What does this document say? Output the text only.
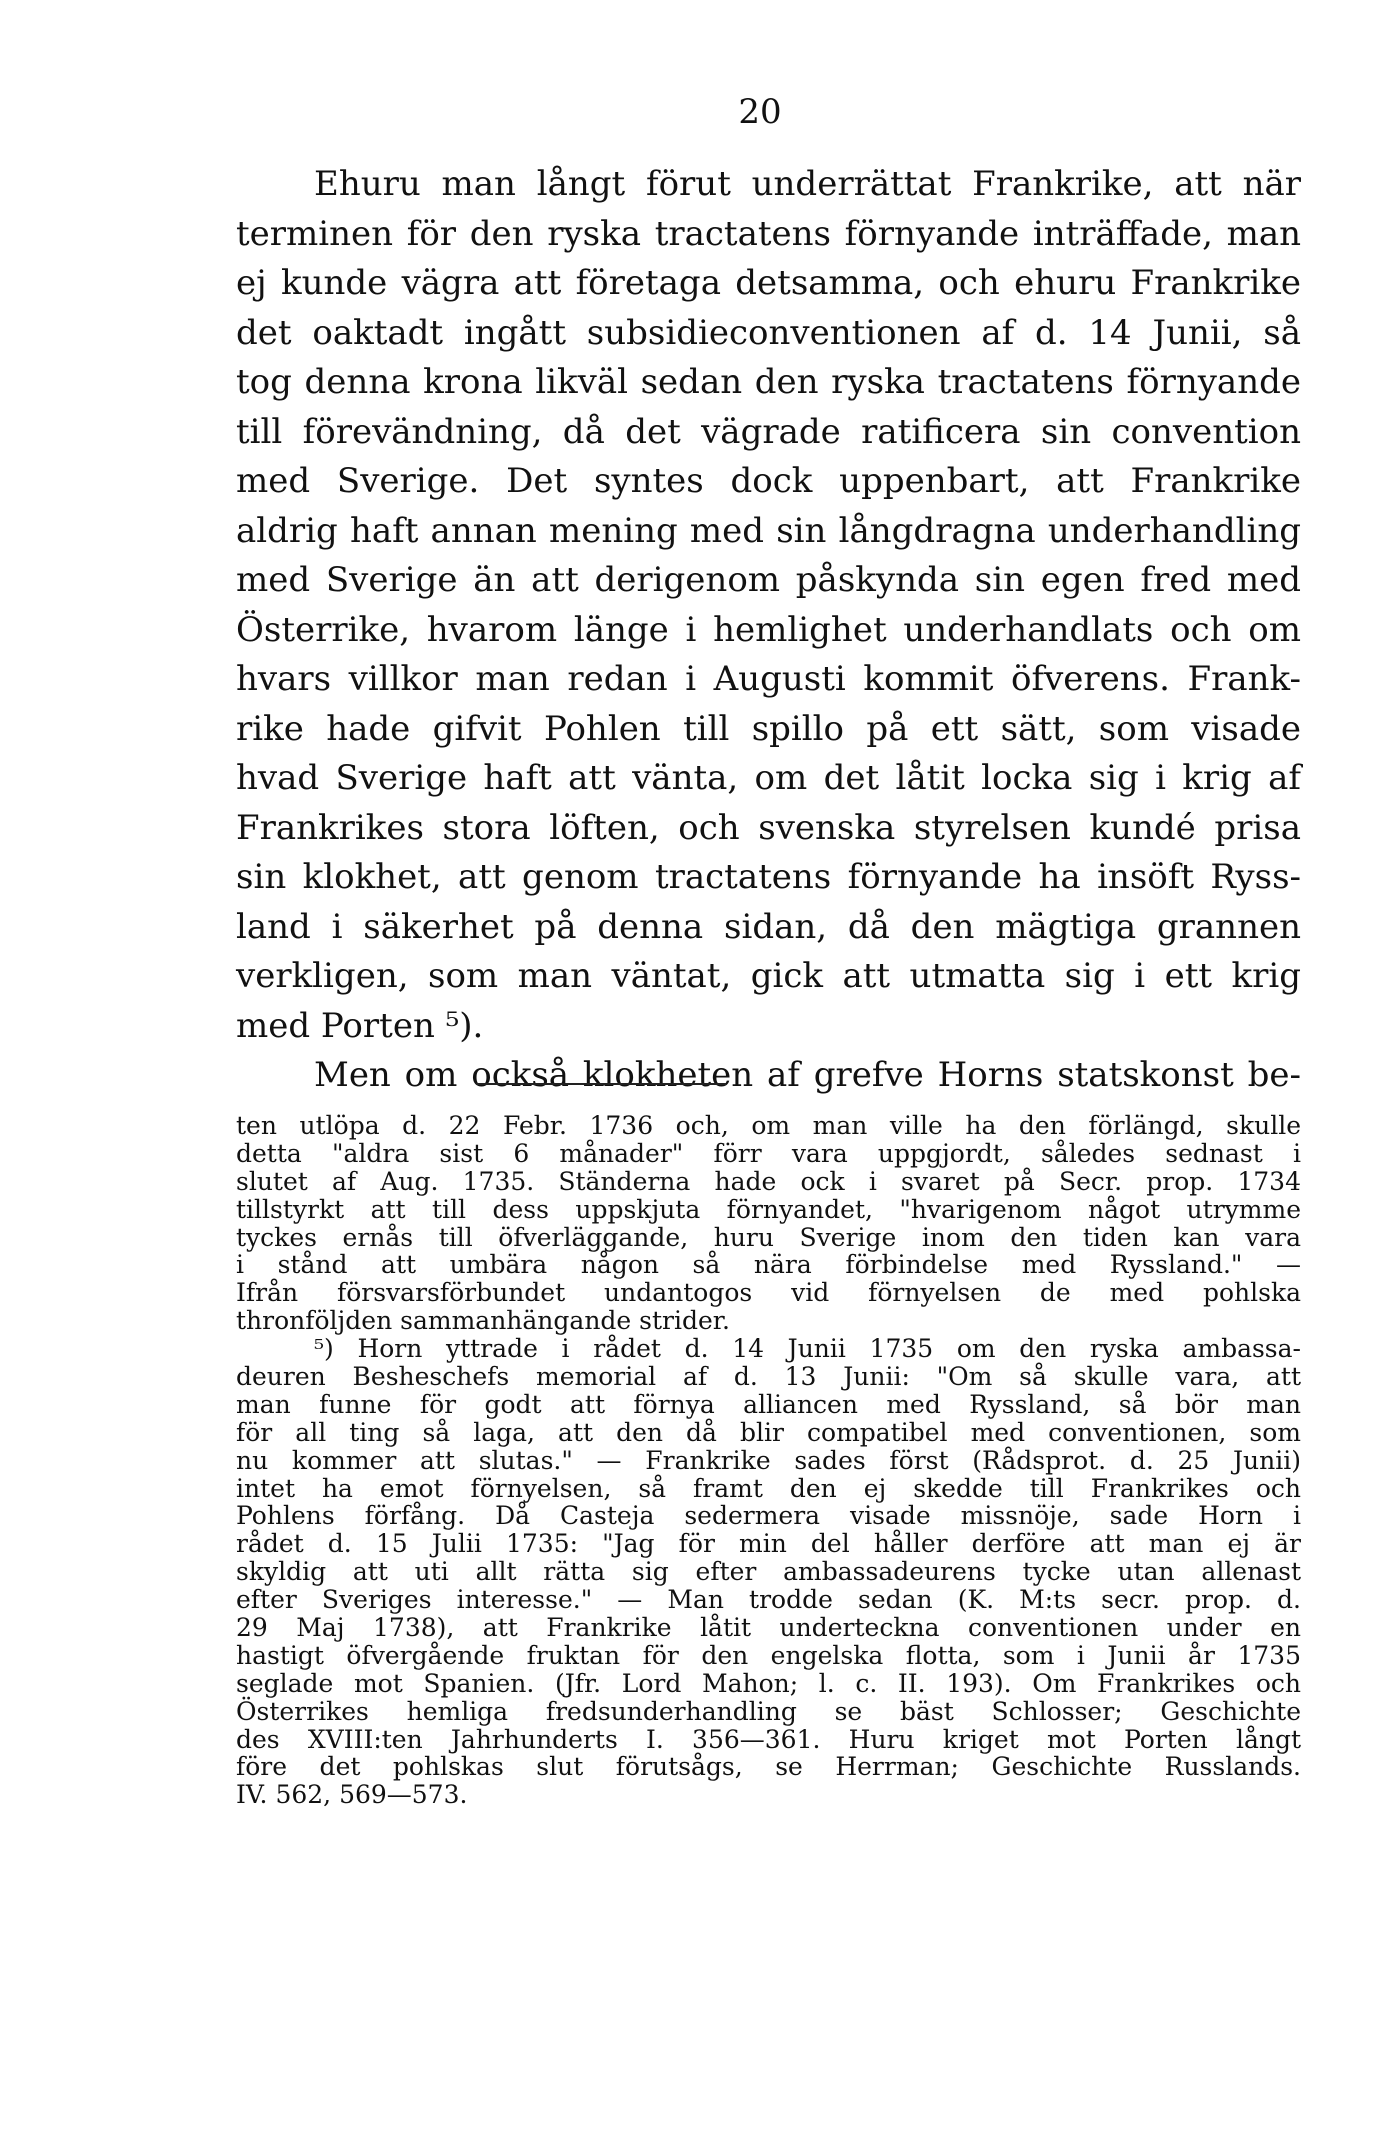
20
Ehuru man långt förut underrättat Frankrike, att när
terminen för den ryska tractatens förnyande inträffade, man
ej kunde vägra att företaga detsamma, och ehuru Frankrike
det oaktadt ingått subsidieconventionen af d. 14 Junii, så
tog denna krona likväl sedan den ryska tractatens förnyande
till förevändning, då det vägrade ratificera sin convention
med Sverige. Det syntes dock uppenbart, att Frankrike
aldrig haft annan mening med sin långdragna underhandling
med Sverige än att derigenom påskynda sin egen fred med
Österrike, hvarom länge i hemlighet underhandlats och om
hvars villkor man redan i Augusti kommit öfverens. Frank-
rike hade gifvit Pohlen till spillo på ett sätt, som visade
hvad Sverige haft att vänta, om det låtit locka sig i krig af
Frankrikes stora löften, och svenska styrelsen kundé prisa
sin klokhet, att genom tractatens förnyande ha insöft Ryss-
land i säkerhet på denna sidan, då den mägtiga grannen
verkligen, som man väntat, gick att utmatta sig i ett krig
med Porten ⁵).
Men om också klokheten af grefve Horns statskonst be-
ten utlöpa d. 22 Febr. 1736 och, om man ville ha den förlängd, skulle
detta "aldra sist 6 månader" förr vara uppgjordt, således sednast i
slutet af Aug. 1735. Ständerna hade ock i svaret på Secr. prop. 1734
tillstyrkt att till dess uppskjuta förnyandet, "hvarigenom något utrymme
tyckes ernås till öfverläggande, huru Sverige inom den tiden kan vara
i stånd att umbära någon så nära förbindelse med Ryssland." —
Ifrån försvarsförbundet undantogos vid förnyelsen de med pohlska
thronföljden sammanhängande strider.
⁵) Horn yttrade i rådet d. 14 Junii 1735 om den ryska ambassa-
deuren Besheschefs memorial af d. 13 Junii: "Om så skulle vara, att
man funne för godt att förnya alliancen med Ryssland, så bör man
för all ting så laga, att den då blir compatibel med conventionen, som
nu kommer att slutas." — Frankrike sades först (Rådsprot. d. 25 Junii)
intet ha emot förnyelsen, så framt den ej skedde till Frankrikes och
Pohlens förfång. Då Casteja sedermera visade missnöje, sade Horn i
rådet d. 15 Julii 1735: "Jag för min del håller derföre att man ej är
skyldig att uti allt rätta sig efter ambassadeurens tycke utan allenast
efter Sveriges interesse." — Man trodde sedan (K. M:ts secr. prop. d.
29 Maj 1738), att Frankrike låtit underteckna conventionen under en
hastigt öfvergående fruktan för den engelska flotta, som i Junii år 1735
seglade mot Spanien. (Jfr. Lord Mahon; l. c. II. 193). Om Frankrikes och
Österrikes hemliga fredsunderhandling se bäst Schlosser; Geschichte
des XVIII:ten Jahrhunderts I. 356—361. Huru kriget mot Porten långt
före det pohlskas slut förutsågs, se Herrman; Geschichte Russlands.
IV. 562, 569—573.
